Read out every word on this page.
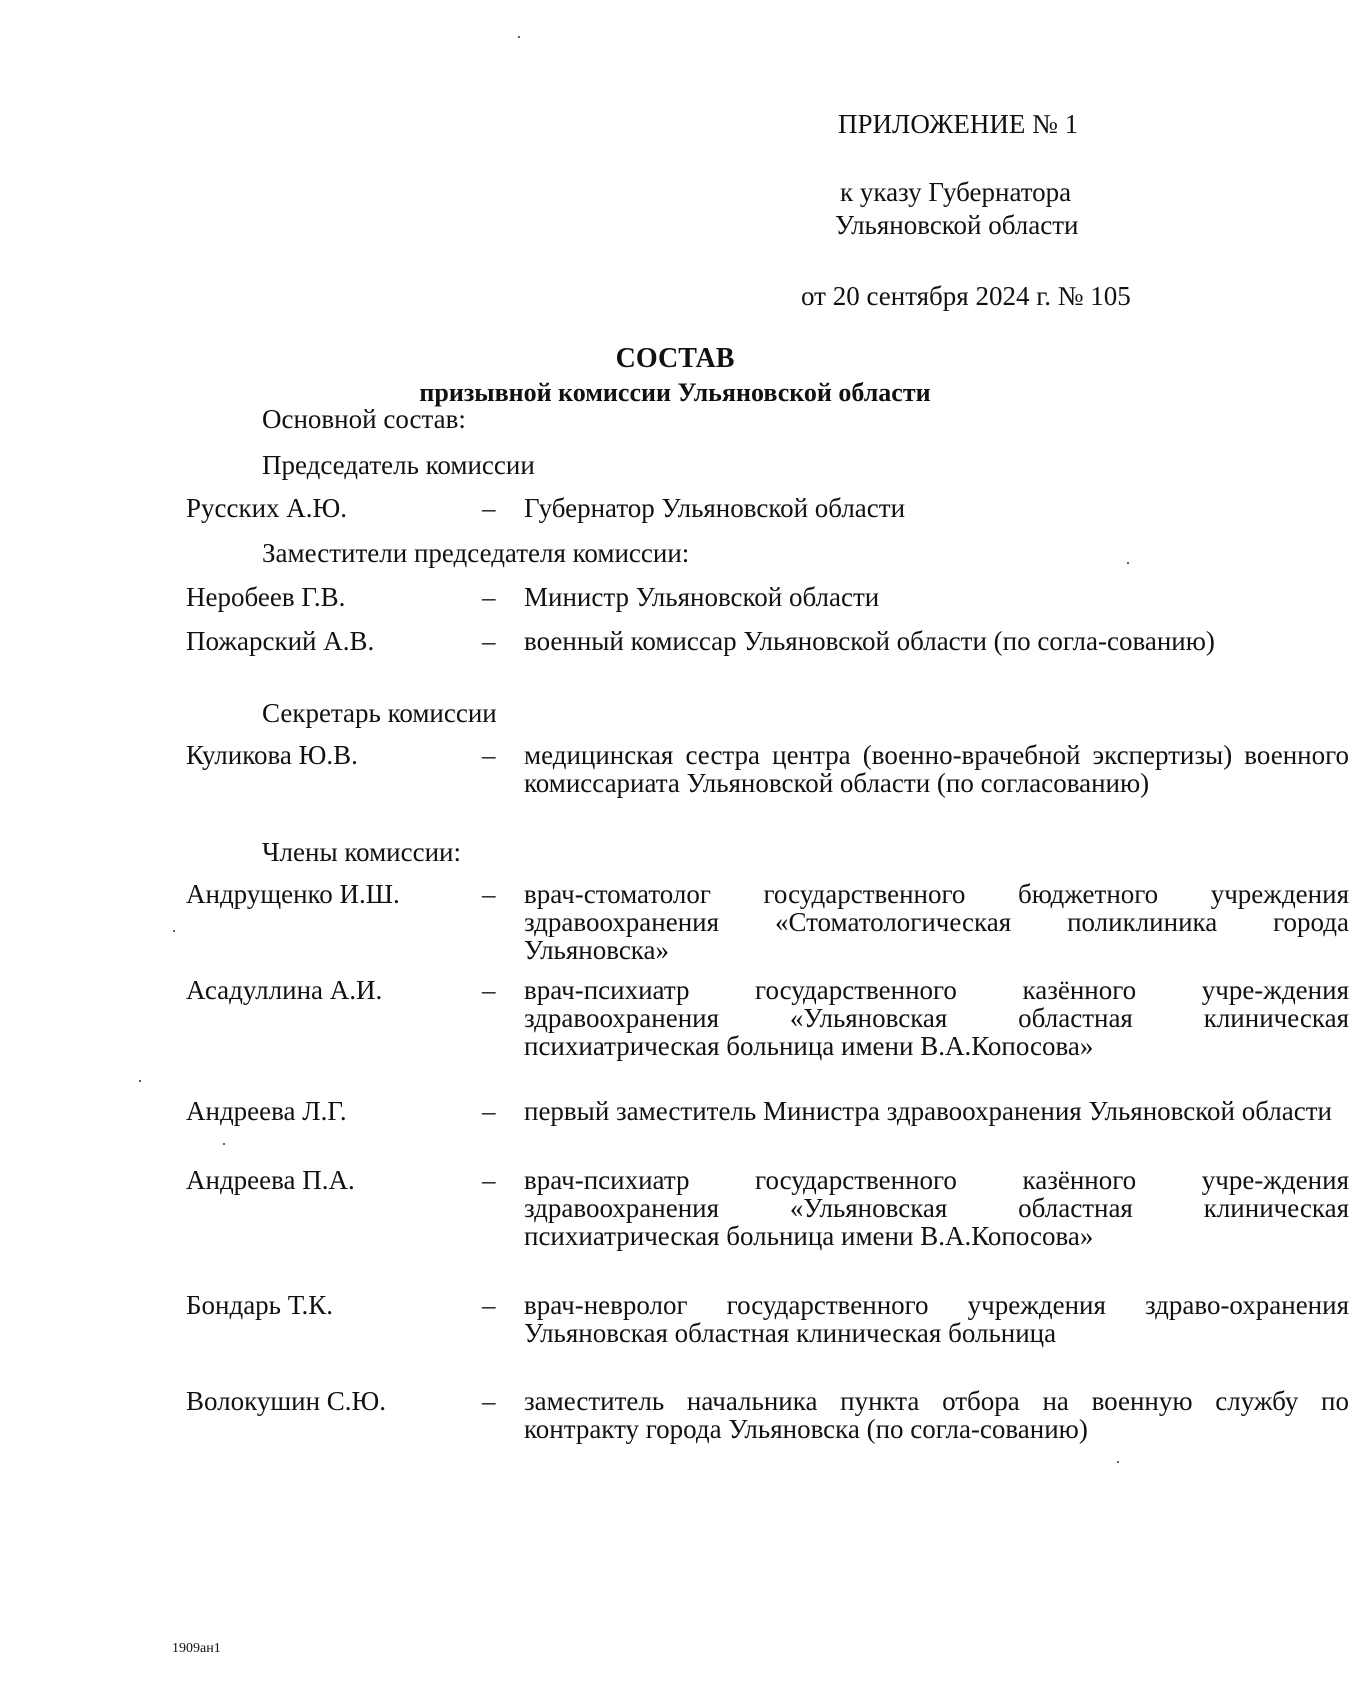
ПРИЛОЖЕНИЕ № 1
к указу Губернатора
Ульяновской области
от 20 сентября 2024 г. № 105
СОСТАВ
призывной комиссии Ульяновской области
Основной состав:
Председатель комиссии
Русских А.Ю.	– Губернатор Ульяновской области
Заместители председателя комиссии:
Неробеев Г.В.	– Министр Ульяновской области
Пожарский А.В.	– военный комиссар Ульяновской области (по согла-сованию)
Секретарь комиссии
Куликова Ю.В.	– медицинская сестра центра (военно-врачебной экспертизы) военного комиссариата Ульяновской области (по согласованию)
Члены комиссии:
Андрущенко И.Ш.	– врач-стоматолог государственного бюджетного учреждения здравоохранения «Стоматологическая поликлиника города Ульяновска»
Асадуллина А.И.	– врач-психиатр государственного казённого учре-ждения здравоохранения «Ульяновская областная клиническая психиатрическая больница имени В.А.Копосова»
Андреева Л.Г.	– первый заместитель Министра здравоохранения Ульяновской области
Андреева П.А.	– врач-психиатр государственного казённого учре-ждения здравоохранения «Ульяновская областная клиническая психиатрическая больница имени В.А.Копосова»
Бондарь Т.К.	– врач-невролог государственного учреждения здраво-охранения Ульяновская областная клиническая больница
Волокушин С.Ю.	– заместитель начальника пункта отбора на военную службу по контракту города Ульяновска (по согла-сованию)
1909ан1
